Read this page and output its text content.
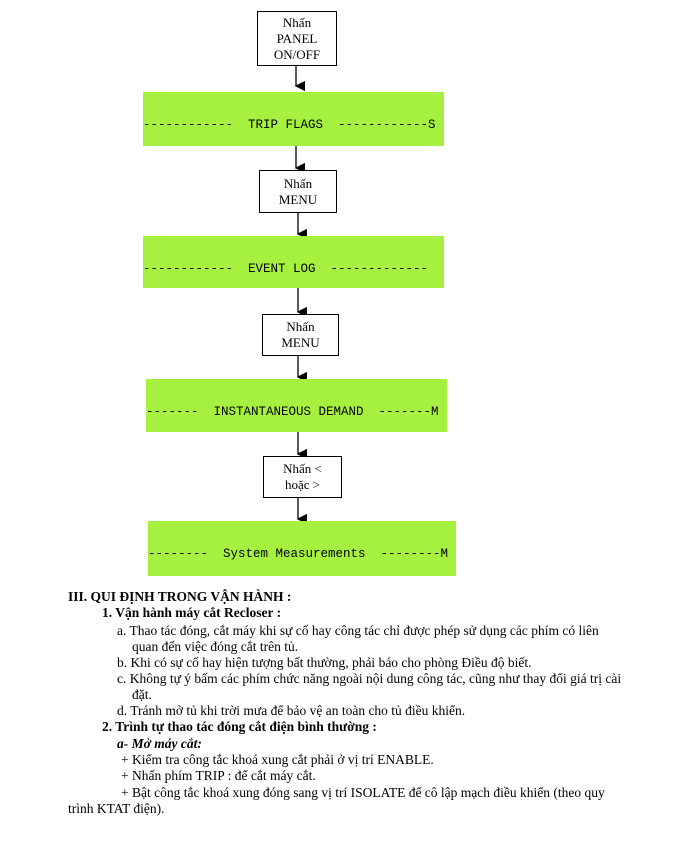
Nhấn
PANEL
ON/OFF

------------  TRIP FLAGS  ------------S

Nhấn
MENU

------------  EVENT LOG  -------------

Nhấn
MENU

-------  INSTANTANEOUS DEMAND  -------M

Nhấn <
hoặc >

--------  System Measurements  --------M

III. QUI ĐỊNH TRONG VẬN HÀNH :
1. Vận hành máy cắt Recloser :
a. Thao tác đóng, cắt máy khi sự cố hay công tác chỉ được phép sử dụng các phím có liên
quan đến việc đóng cắt trên tủ.
b. Khi có sự cố hay hiện tượng bất thường, phải báo cho phòng Điều độ biết.
c. Không tự ý bấm các phím chức năng ngoài nội dung công tác, cũng như thay đổi giá trị cài
đặt.
d. Tránh mở tủ khi trời mưa để bảo vệ an toàn cho tủ điều khiển.
2. Trình tự thao tác đóng cắt điện bình thường :
a- Mở máy cắt:
+ Kiểm tra công tắc khoá xung cắt phải ở vị trí ENABLE.
+ Nhấn phím TRIP : để cắt máy cắt.
+ Bật công tắc khoá xung đóng sang vị trí ISOLATE để cô lập mạch điều khiển (theo quy
trình KTAT điện).
